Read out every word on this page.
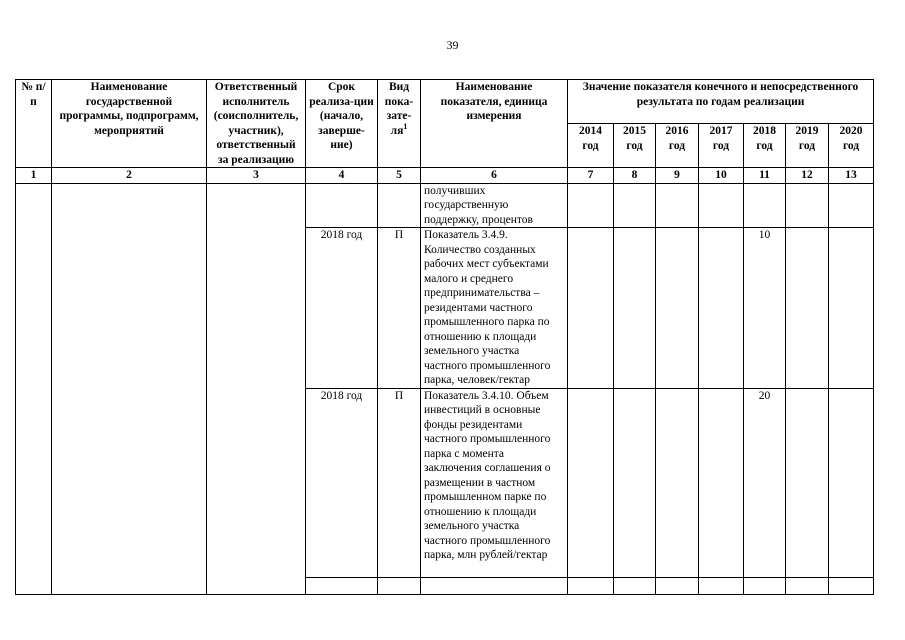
39
№ п/п	Наименование государственной программы, подпрограмм, мероприятий	Ответственный исполнитель (соисполнитель, участник), ответственный за реализацию	Срок реализа-ции (начало, заверше-ние)	Вид пока-$зате-ля^1$	Наименование показателя, единица измерения	Значение показателя конечного и непосредственного результата по годам реализации						
						2014 год	2015 год	2016 год	2017 год	2018 год	2019 год	2020 год
1	2	3	4	5	6	7	8	9	10	11	12	13
					получивших государственную поддержку, процентов							
			2018 год	П	Показатель 3.4.9. Количество созданных рабочих мест субъектами малого и среднего предпринимательства – резидентами частного промышленного парка по отношению к площади земельного участка частного промышленного парка, человек/гектар					10		
			2018 год	П	Показатель 3.4.10. Объем инвестиций в основные фонды резидентами частного промышленного парка с момента заключения соглашения о размещении в частном промышленном парке по отношению к площади земельного участка частного промышленного парка, млн рублей/гектар					20		
